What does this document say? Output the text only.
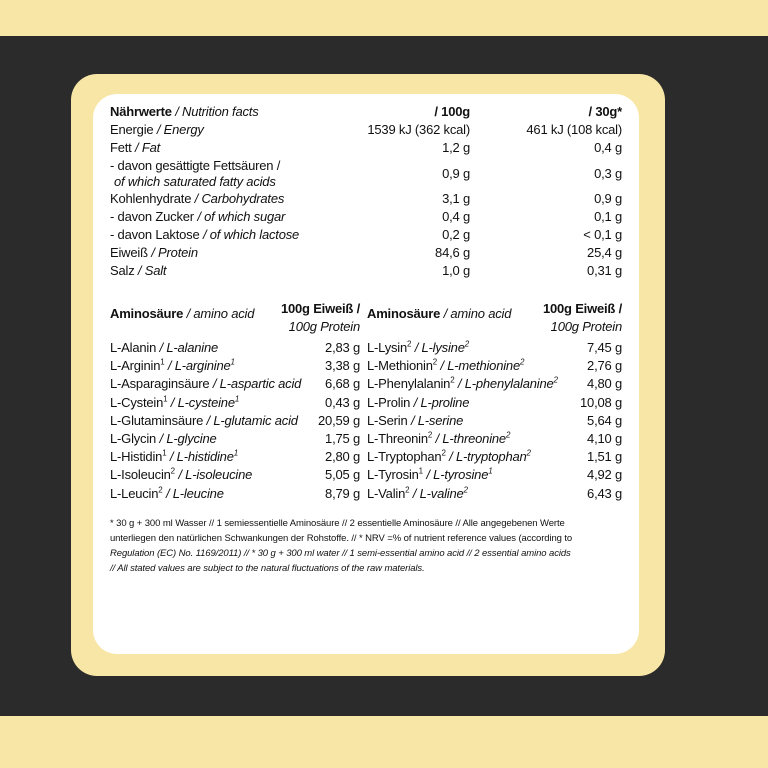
Nährwerte / Nutrition facts	/ 100g	/ 30g*
Energie / Energy	1539 kJ (362 kcal)	461 kJ (108 kcal)
Fett / Fat	1,2 g	0,4 g
- davon gesättigte Fettsäuren /
of which saturated fatty acids
0,9 g	0,3 g
Kohlenhydrate / Carbohydrates	3,1 g	0,9 g
- davon Zucker / of which sugar	0,4 g	0,1 g
- davon Laktose / of which lactose	0,2 g	< 0,1 g
Eiweiß / Protein	84,6 g	25,4 g
Salz / Salt	1,0 g	0,31 g
Aminosäure / amino acid	100g Eiweiß /
100g Protein
Aminosäure / amino acid	100g Eiweiß /
100g Protein
L-Alanin / L-alanine	2,83 g
L-Arginin$^1$ / L-arginine$^1$	3,38 g
L-Asparaginsäure / L-aspartic acid	6,68 g
L-Cystein$^1$ / L-cysteine$^1$	0,43 g
L-Glutaminsäure / L-glutamic acid	20,59 g
L-Glycin / L-glycine	1,75 g
L-Histidin$^1$ / L-histidine$^1$	2,80 g
L-Isoleucin$^2$ / L-isoleucine	5,05 g
L-Leucin$^2$ / L-leucine	8,79 g
L-Lysin$^2$ / L-lysine$^2$	7,45 g
L-Methionin$^2$ / L-methionine$^2$	2,76 g
L-Phenylalanin$^2$ / L-phenylalanine$^2$	4,80 g
L-Prolin / L-proline	10,08 g
L-Serin / L-serine	5,64 g
L-Threonin$^2$ / L-threonine$^2$	4,10 g
L-Tryptophan$^2$ / L-tryptophan$^2$	1,51 g
L-Tyrosin$^1$ / L-tyrosine$^1$	4,92 g
L-Valin$^2$ / L-valine$^2$	6,43 g
* 30 g + 300 ml Wasser // 1 semiessentielle Aminosäure // 2 essentielle Aminosäure // Alle angegebenen Werte
unterliegen den natürlichen Schwankungen der Rohstoffe. // * NRV =% of nutrient reference values (according to
Regulation (EC) No. 1169/2011) // * 30 g + 300 ml water // 1 semi-essential amino acid // 2 essential amino acids
// All stated values are subject to the natural fluctuations of the raw materials.
